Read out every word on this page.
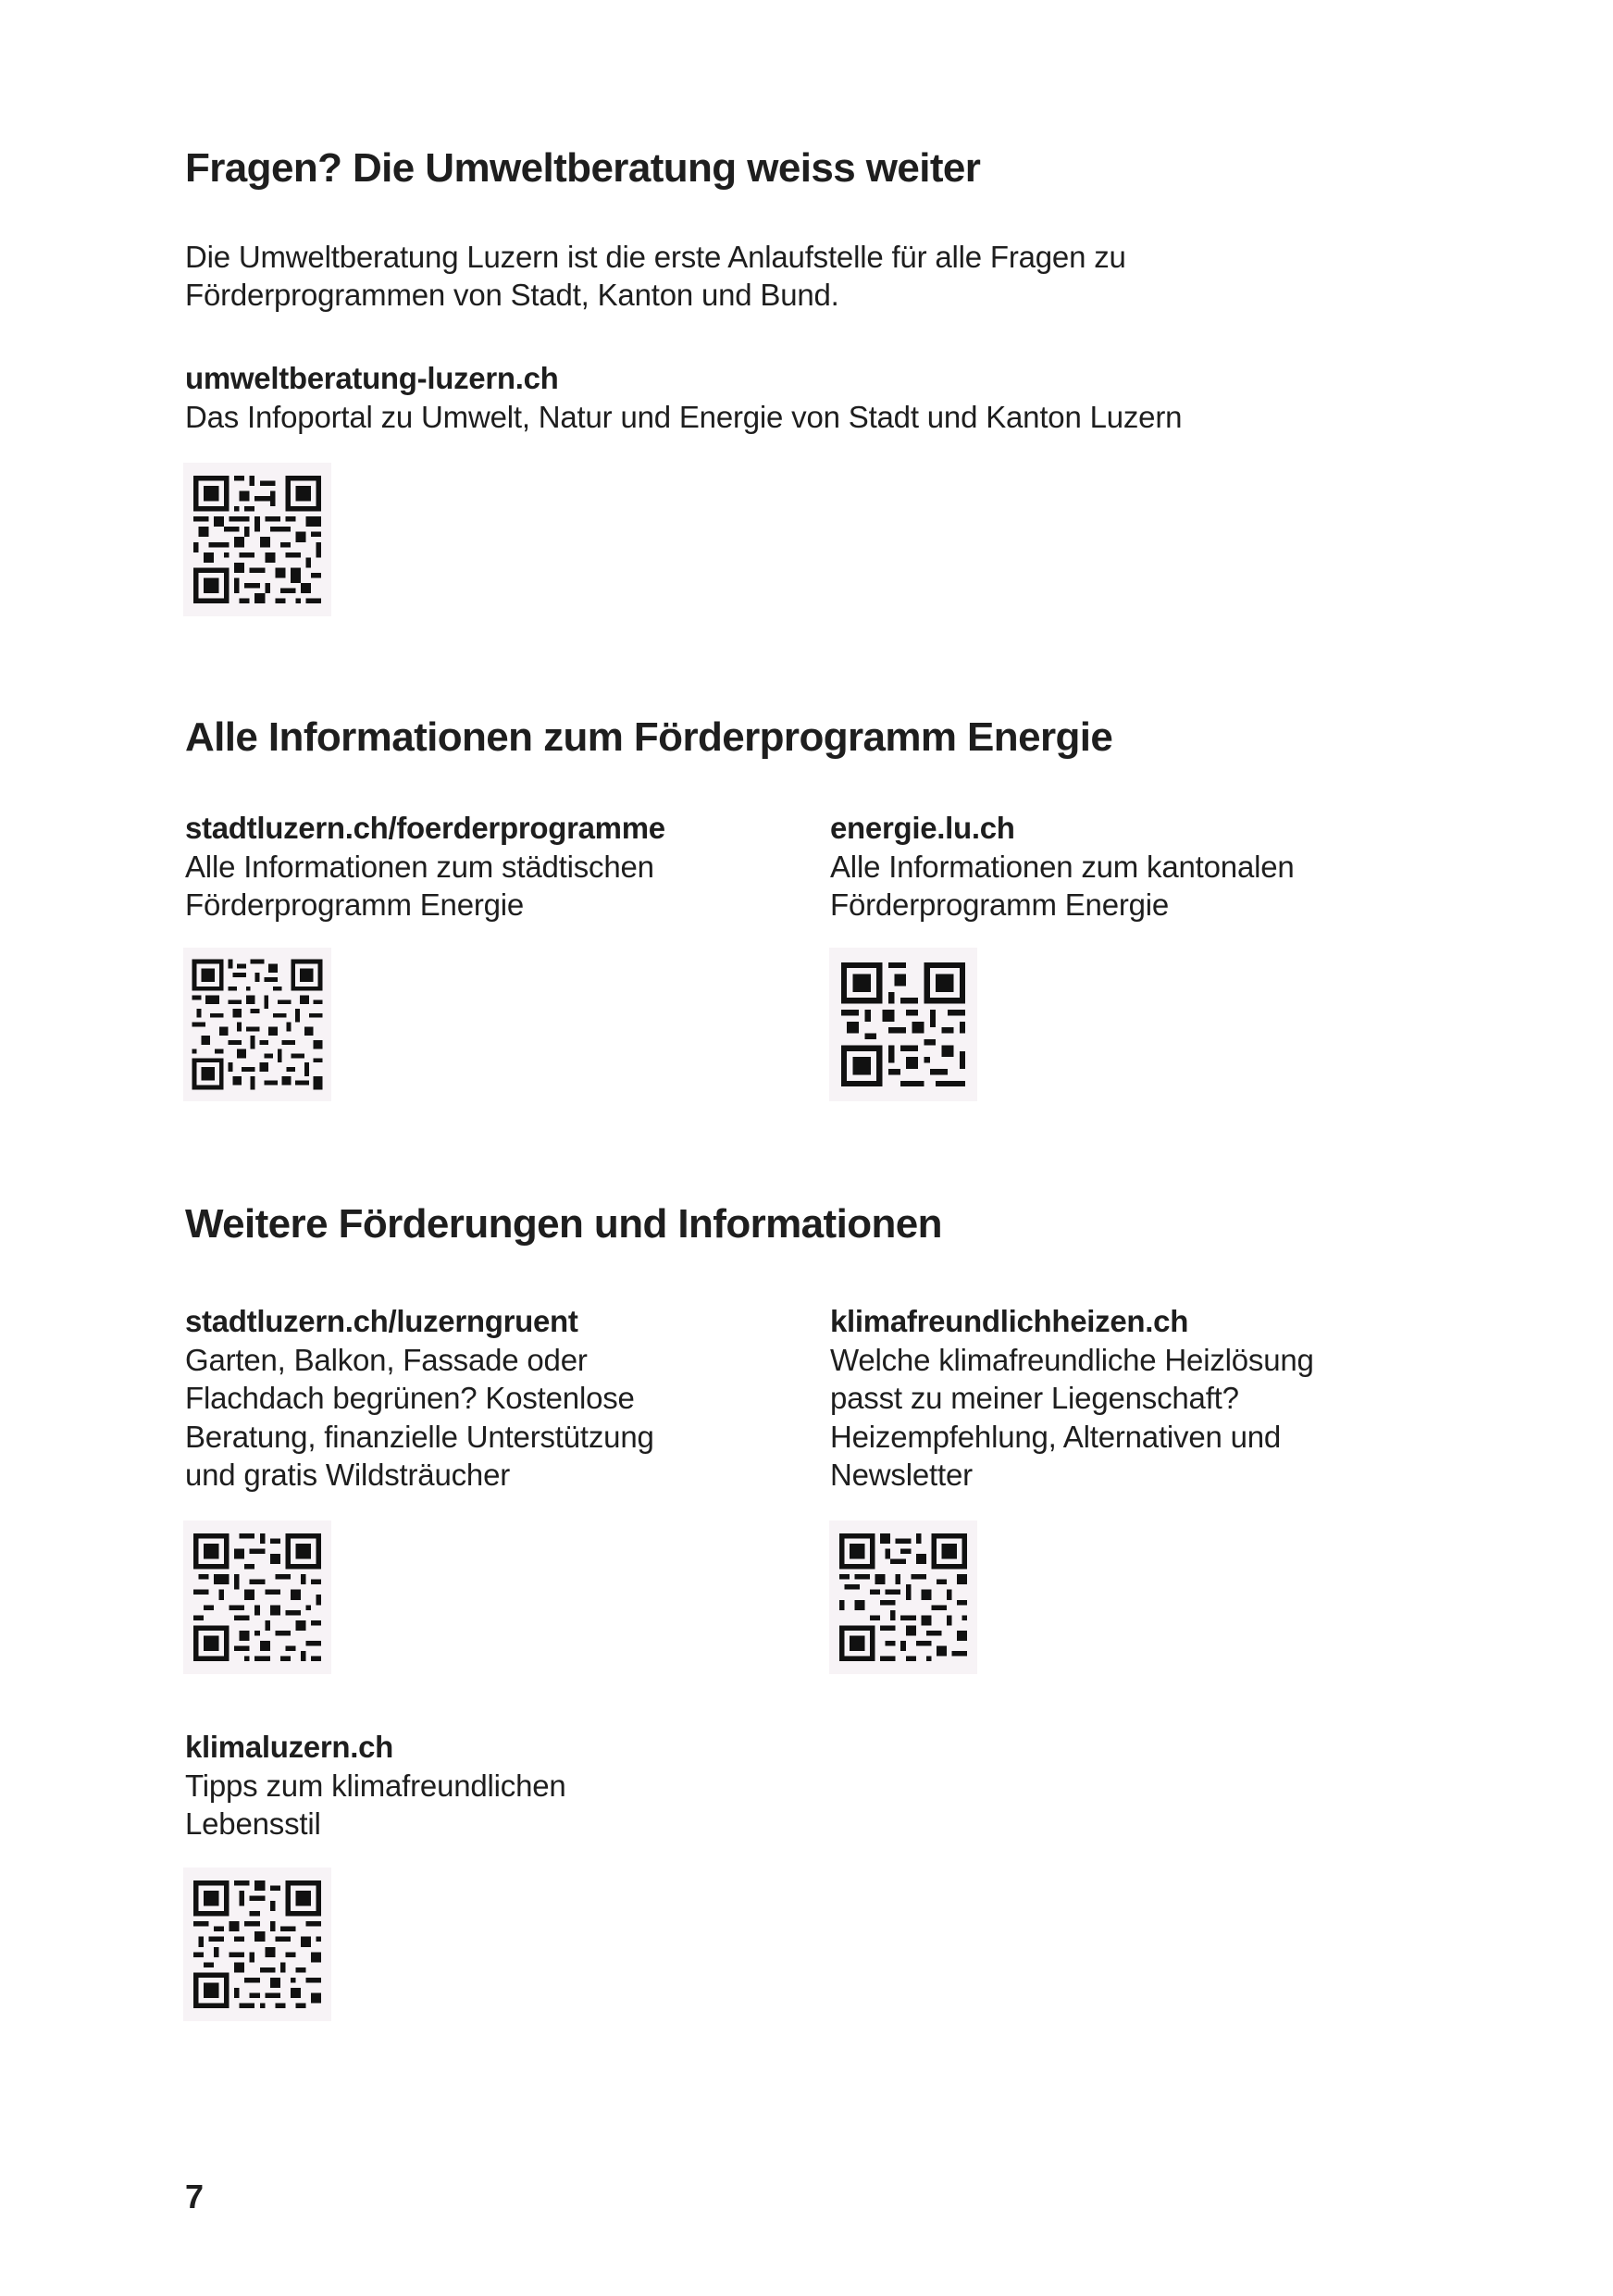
Fragen? Die Umweltberatung weiss weiter
Die Umweltberatung Luzern ist die erste Anlaufstelle für alle Fragen zu
Förderprogrammen von Stadt, Kanton und Bund.
umweltberatung-luzern.ch
Das Infoportal zu Umwelt, Natur und Energie von Stadt und Kanton Luzern
Alle Informationen zum Förderprogramm Energie
stadtluzern.ch/foerderprogramme
Alle Informationen zum städtischen
Förderprogramm Energie
energie.lu.ch
Alle Informationen zum kantonalen
Förderprogramm Energie
Weitere Förderungen und Informationen
stadtluzern.ch/luzerngruent
Garten, Balkon, Fassade oder
Flachdach begrünen? Kostenlose
Beratung, finanzielle Unterstützung
und gratis Wildsträucher
klimafreundlichheizen.ch
Welche klimafreundliche Heizlösung
passt zu meiner Liegenschaft?
Heizempfehlung, Alternativen und
Newsletter
klimaluzern.ch
Tipps zum klimafreundlichen
Lebensstil
7
